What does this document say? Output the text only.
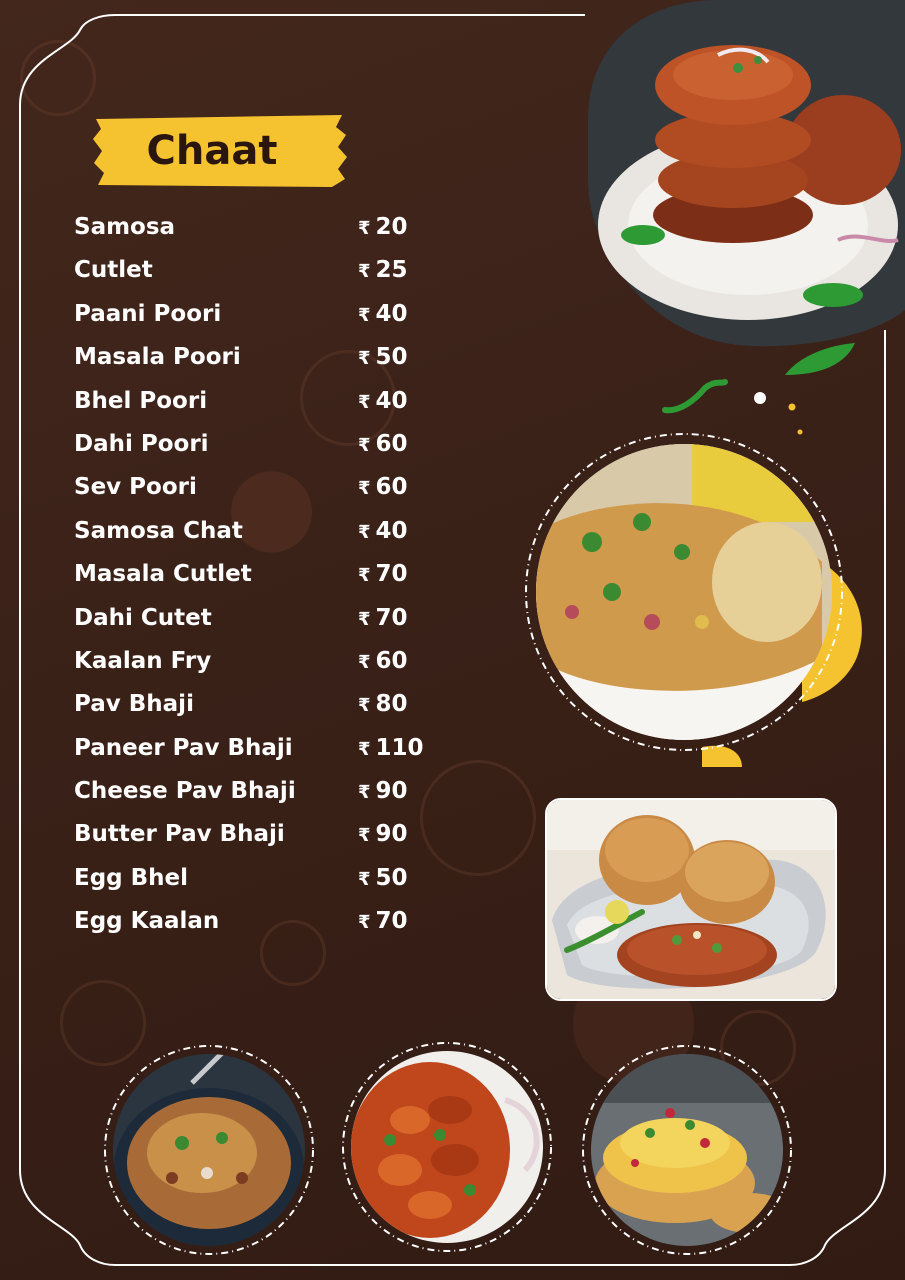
Chaat
Samosa	₹ 20
Cutlet	₹ 25
Paani Poori	₹ 40
Masala Poori	₹ 50
Bhel Poori	₹ 40
Dahi Poori	₹ 60
Sev Poori	₹ 60
Samosa Chat	₹ 40
Masala Cutlet	₹ 70
Dahi Cutet	₹ 70
Kaalan Fry	₹ 60
Pav Bhaji	₹ 80
Paneer Pav Bhaji	₹ 110
Cheese Pav Bhaji	₹ 90
Butter Pav Bhaji	₹ 90
Egg Bhel	₹ 50
Egg Kaalan	₹ 70
